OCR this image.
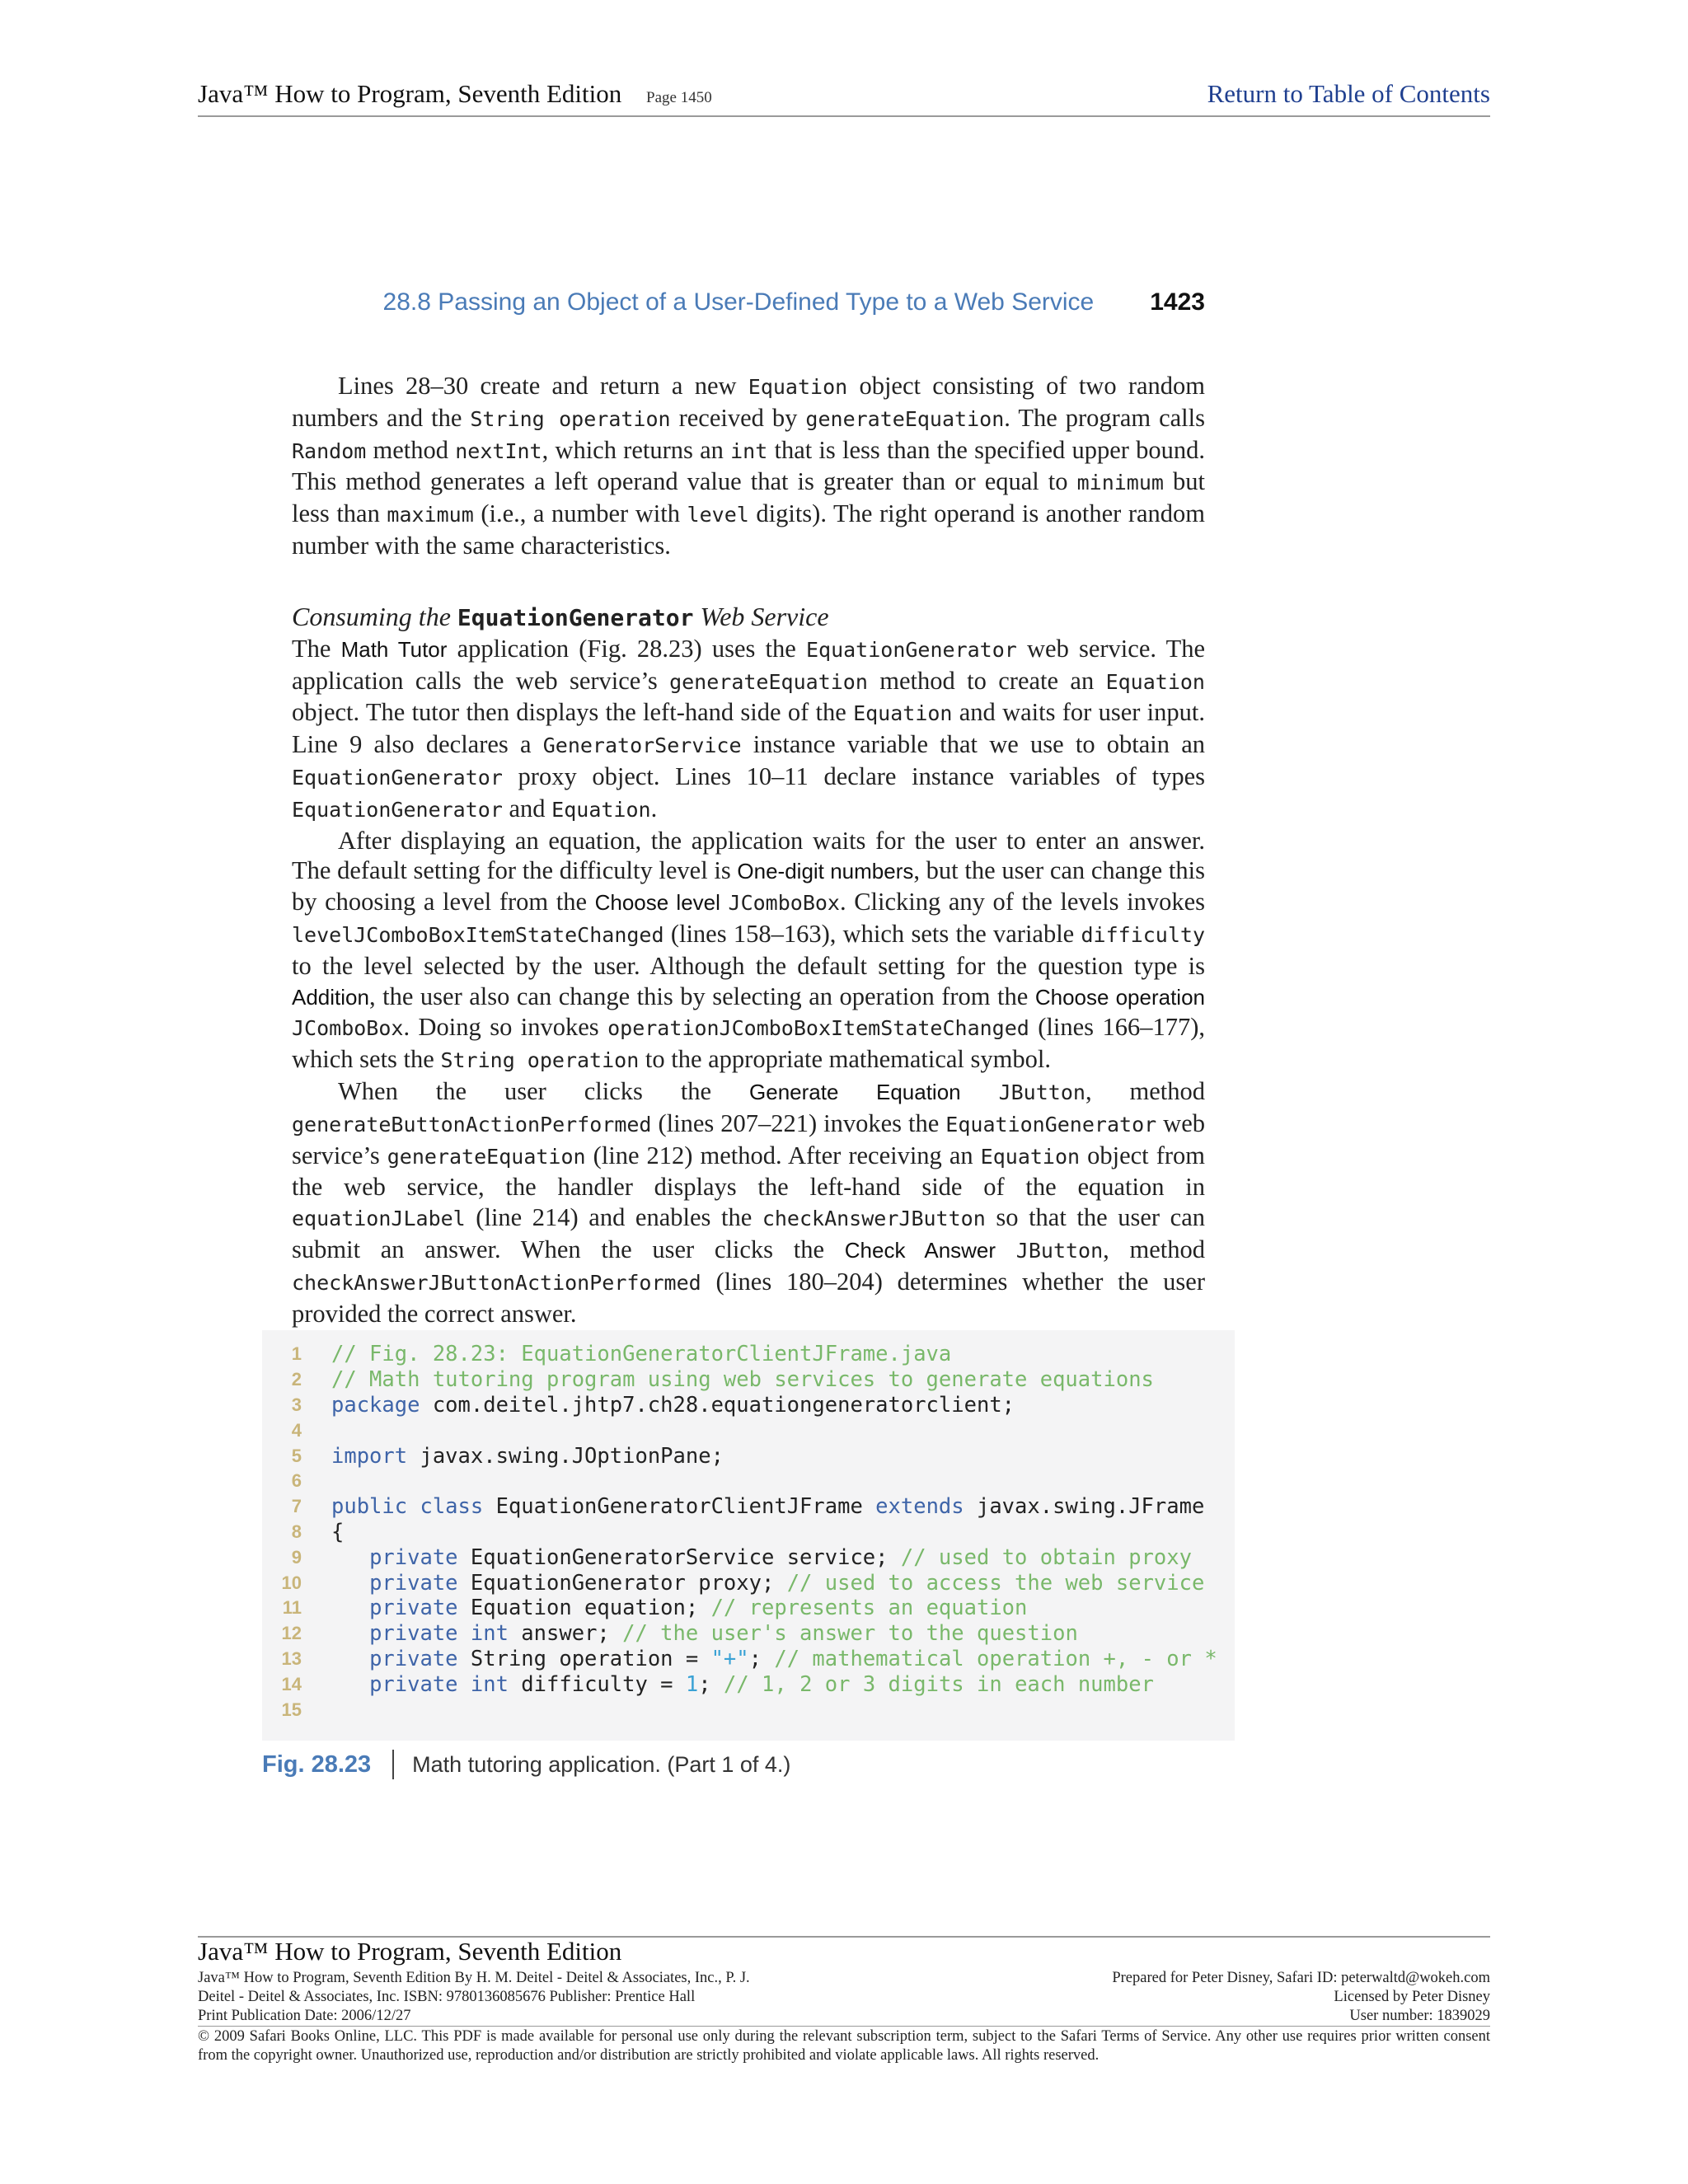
Java™ How to Program, Seventh Edition Page 1450	Return to Table of Contents
28.8 Passing an Object of a User-Defined Type to a Web Service 1423

Lines 28–30 create and return a new Equation object consisting of two random numbers and the String operation received by generateEquation. The program calls Random method nextInt, which returns an int that is less than the specified upper bound. This method generates a left operand value that is greater than or equal to minimum but less than maximum (i.e., a number with level digits). The right operand is another random number with the same characteristics.

Consuming the EquationGenerator Web Service

The Math Tutor application (Fig. 28.23) uses the EquationGenerator web service. The application calls the web service’s generateEquation method to create an Equation object. The tutor then displays the left-hand side of the Equation and waits for user input. Line 9 also declares a GeneratorService instance variable that we use to obtain an EquationGenerator proxy object. Lines 10–11 declare instance variables of types EquationGenerator and Equation.

After displaying an equation, the application waits for the user to enter an answer. The default setting for the difficulty level is One-digit numbers, but the user can change this by choosing a level from the Choose level JComboBox. Clicking any of the levels invokes levelJComboBoxItemStateChanged (lines 158–163), which sets the variable difficulty to the level selected by the user. Although the default setting for the question type is Addition, the user also can change this by selecting an operation from the Choose operation JComboBox. Doing so invokes operationJComboBoxItemStateChanged (lines 166–177), which sets the String operation to the appropriate mathematical symbol.

When the user clicks the Generate Equation JButton, method generateButtonActionPerformed (lines 207–221) invokes the EquationGenerator web service’s generateEquation (line 212) method. After receiving an Equation object from the web service, the handler displays the left-hand side of the equation in equationJLabel (line 214) and enables the checkAnswerJButton so that the user can submit an answer. When the user clicks the Check Answer JButton, method checkAnswerJButtonActionPerformed (lines 180–204) determines whether the user provided the correct answer.

1 // Fig. 28.23: EquationGeneratorClientJFrame.java
2 // Math tutoring program using web services to generate equations
3 package com.deitel.jhtp7.ch28.equationgeneratorclient;
4
5 import javax.swing.JOptionPane;
6
7 public class EquationGeneratorClientJFrame extends javax.swing.JFrame
8 {
9	private EquationGeneratorService service; // used to obtain proxy
10	private EquationGenerator proxy; // used to access the web service
11	private Equation equation; // represents an equation
12	private int answer; // the user's answer to the question
13	private String operation = "+"; // mathematical operation +, - or *
14	private int difficulty = 1; // 1, 2 or 3 digits in each number
15
Fig. 28.23 Math tutoring application. (Part 1 of 4.)
Java™ How to Program, Seventh Edition
Java™ How to Program, Seventh Edition By H. M. Deitel - Deitel & Associates, Inc., P. J.
Deitel - Deitel & Associates, Inc. ISBN: 9780136085676 Publisher: Prentice Hall
Print Publication Date: 2006/12/27
Prepared for Peter Disney, Safari ID: peterwaltd@wokeh.com
Licensed by Peter Disney
User number: 1839029
© 2009 Safari Books Online, LLC. This PDF is made available for personal use only during the relevant subscription term, subject to the Safari Terms of Service. Any other use requires prior written consent from the copyright owner. Unauthorized use, reproduction and/or distribution are strictly prohibited and violate applicable laws. All rights reserved.
